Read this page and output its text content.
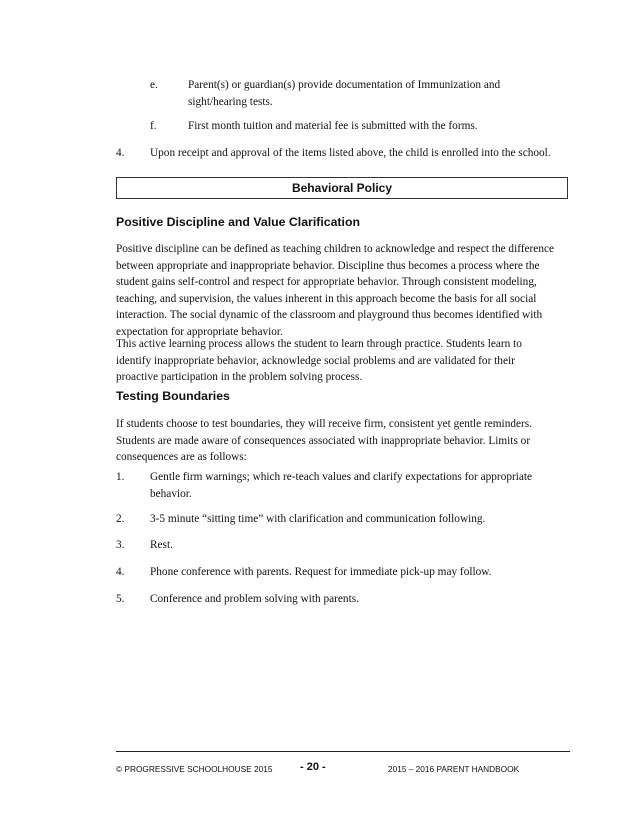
e.	Parent(s) or guardian(s) provide documentation of Immunization and
sight/hearing tests.
f.	First month tuition and material fee is submitted with the forms.
4. Upon receipt and approval of the items listed above, the child is enrolled into the school.
Behavioral Policy
Positive Discipline and Value Clarification
Positive discipline can be defined as teaching children to acknowledge and respect the difference
between appropriate and inappropriate behavior. Discipline thus becomes a process where the
student gains self-control and respect for appropriate behavior. Through consistent modeling,
teaching, and supervision, the values inherent in this approach become the basis for all social
interaction. The social dynamic of the classroom and playground thus becomes identified with
expectation for appropriate behavior.
This active learning process allows the student to learn through practice. Students learn to
identify inappropriate behavior, acknowledge social problems and are validated for their
proactive participation in the problem solving process.
Testing Boundaries
If students choose to test boundaries, they will receive firm, consistent yet gentle reminders.
Students are made aware of consequences associated with inappropriate behavior. Limits or
consequences are as follows:
1. Gentle firm warnings; which re-teach values and clarify expectations for appropriate
behavior.
2. 3-5 minute “sitting time” with clarification and communication following.
3. Rest.
4. Phone conference with parents. Request for immediate pick-up may follow.
5. Conference and problem solving with parents.
© PROGRESSIVE SCHOOLHOUSE 2015	- 20 -	2015 – 2016 PARENT HANDBOOK
